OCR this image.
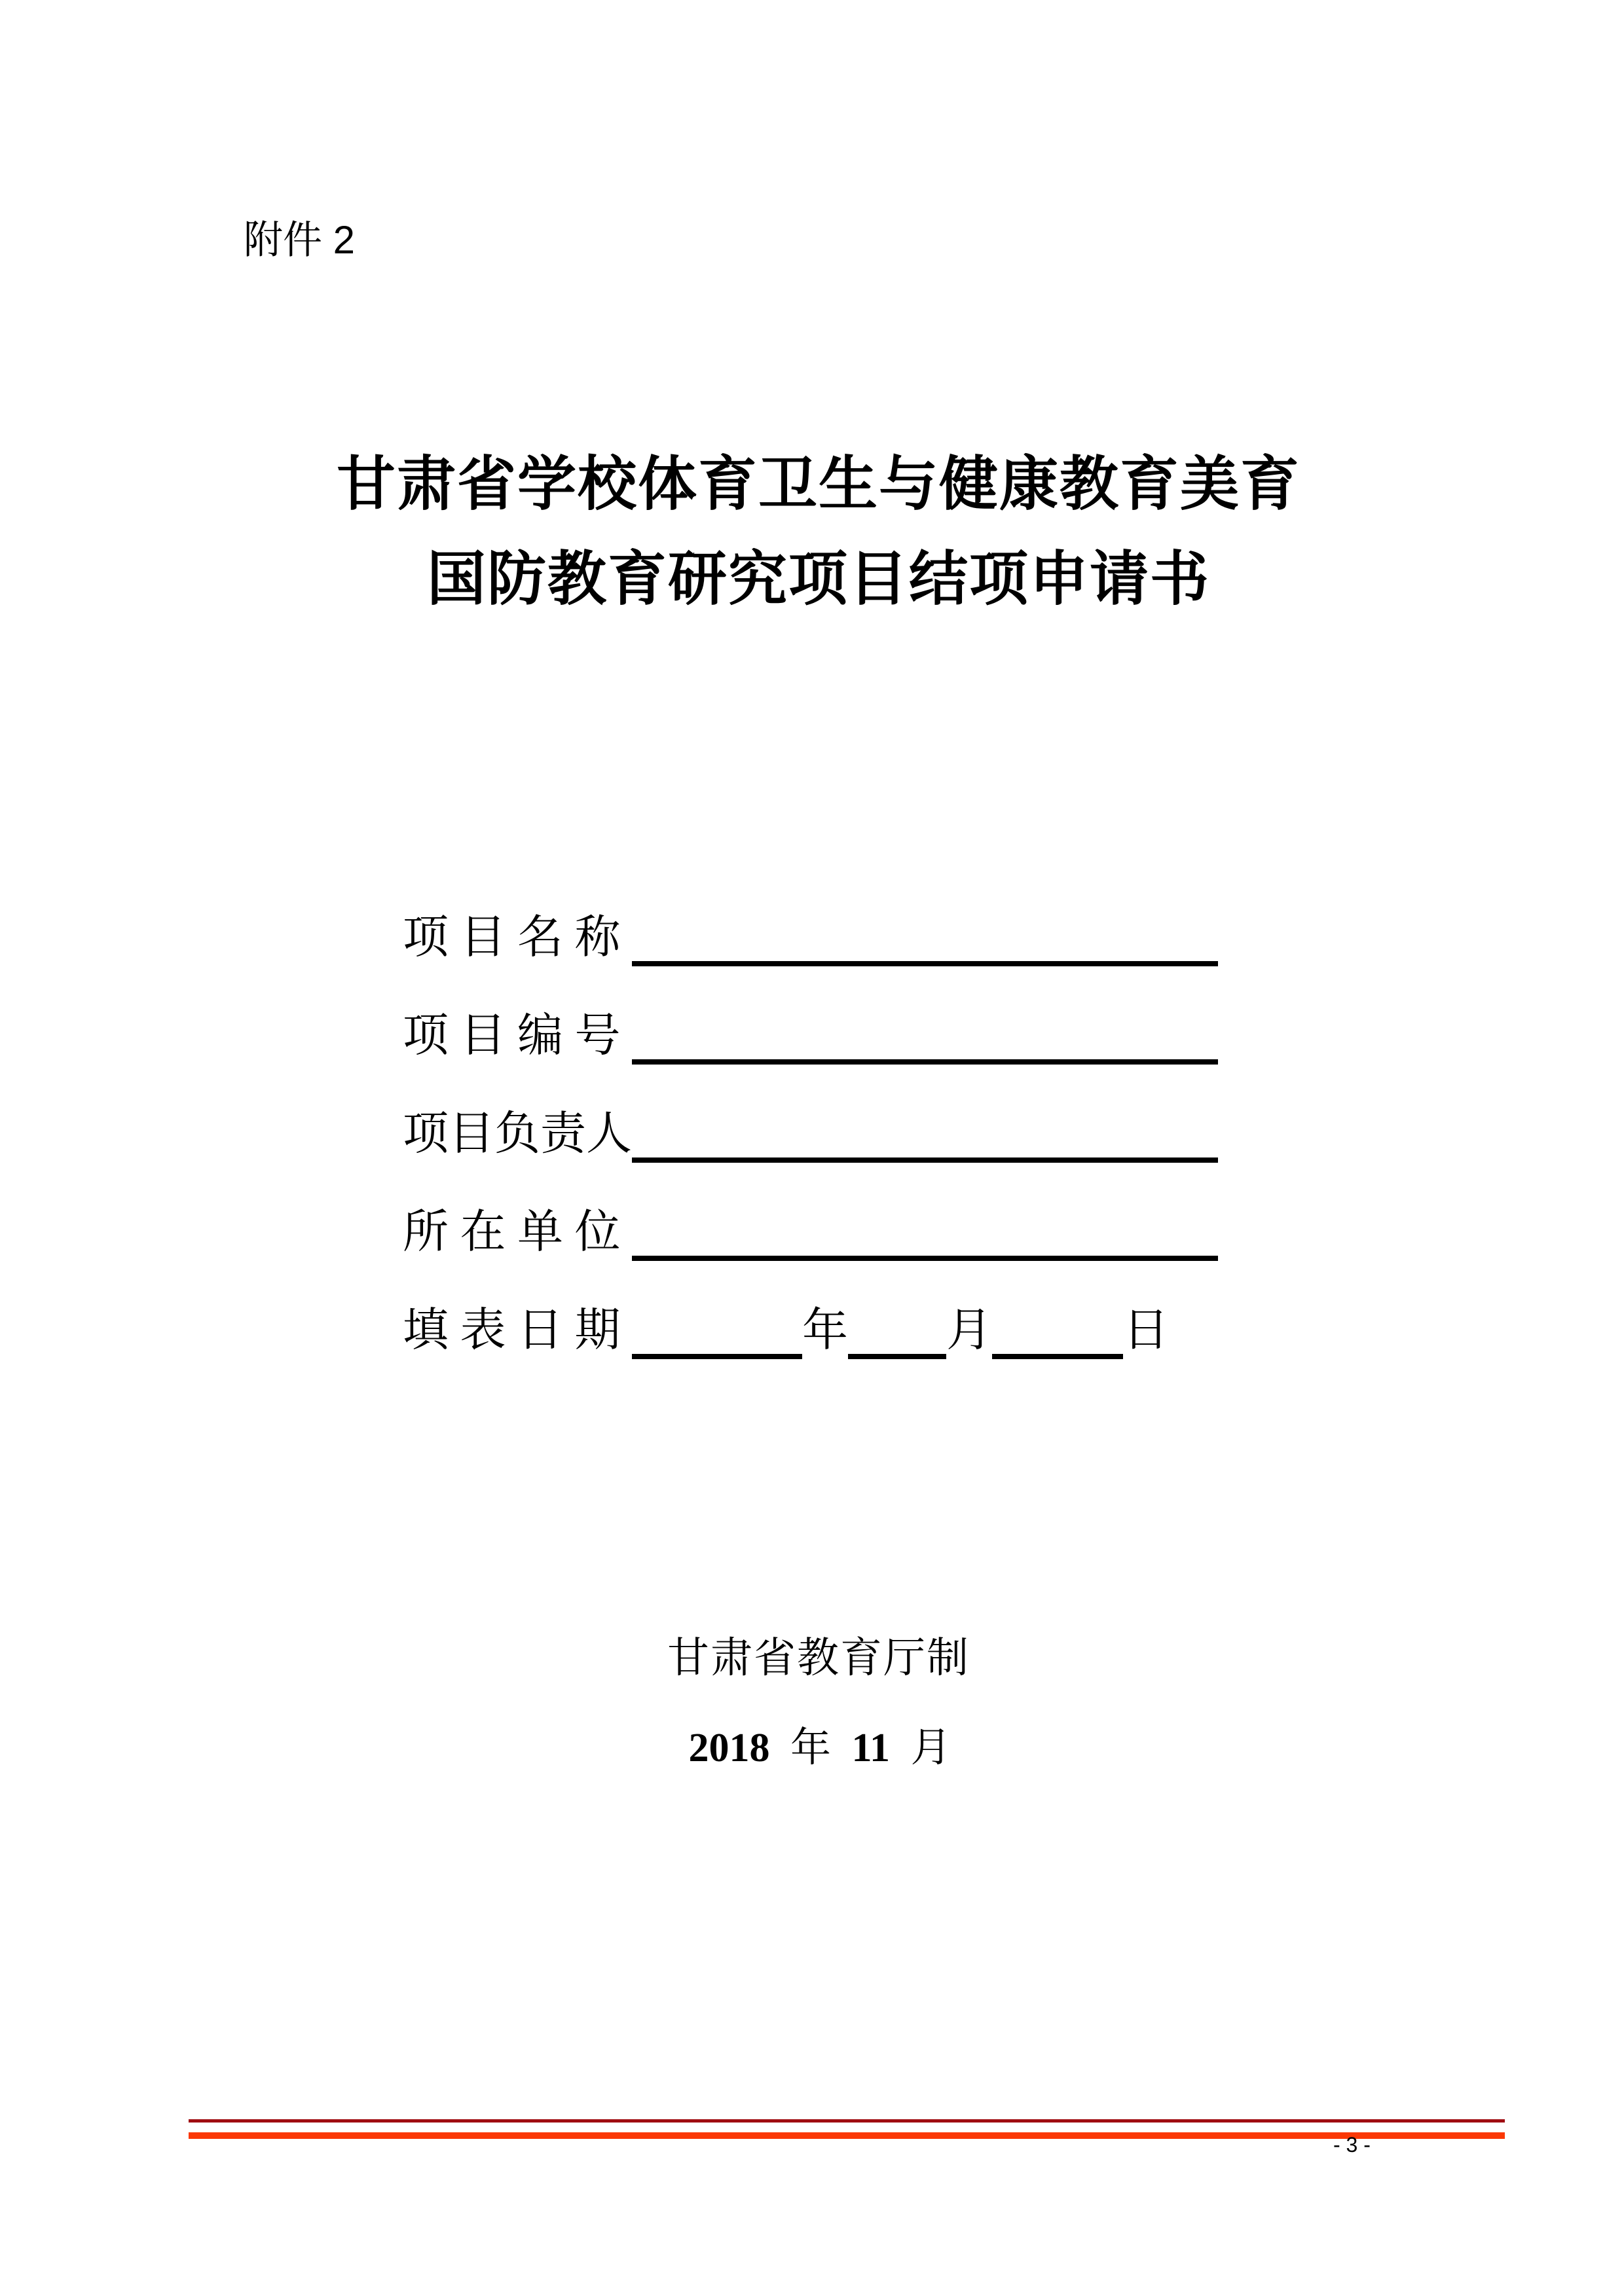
附件 2
甘肃省学校体育卫生与健康教育美育
国防教育研究项目结项申请书
项 目 名 称
项 目 编 号
项目负责人
所 在 单 位
填 表 日 期	年 月	日
甘肃省教育厅制
2018 年 11 月
- 3 -
